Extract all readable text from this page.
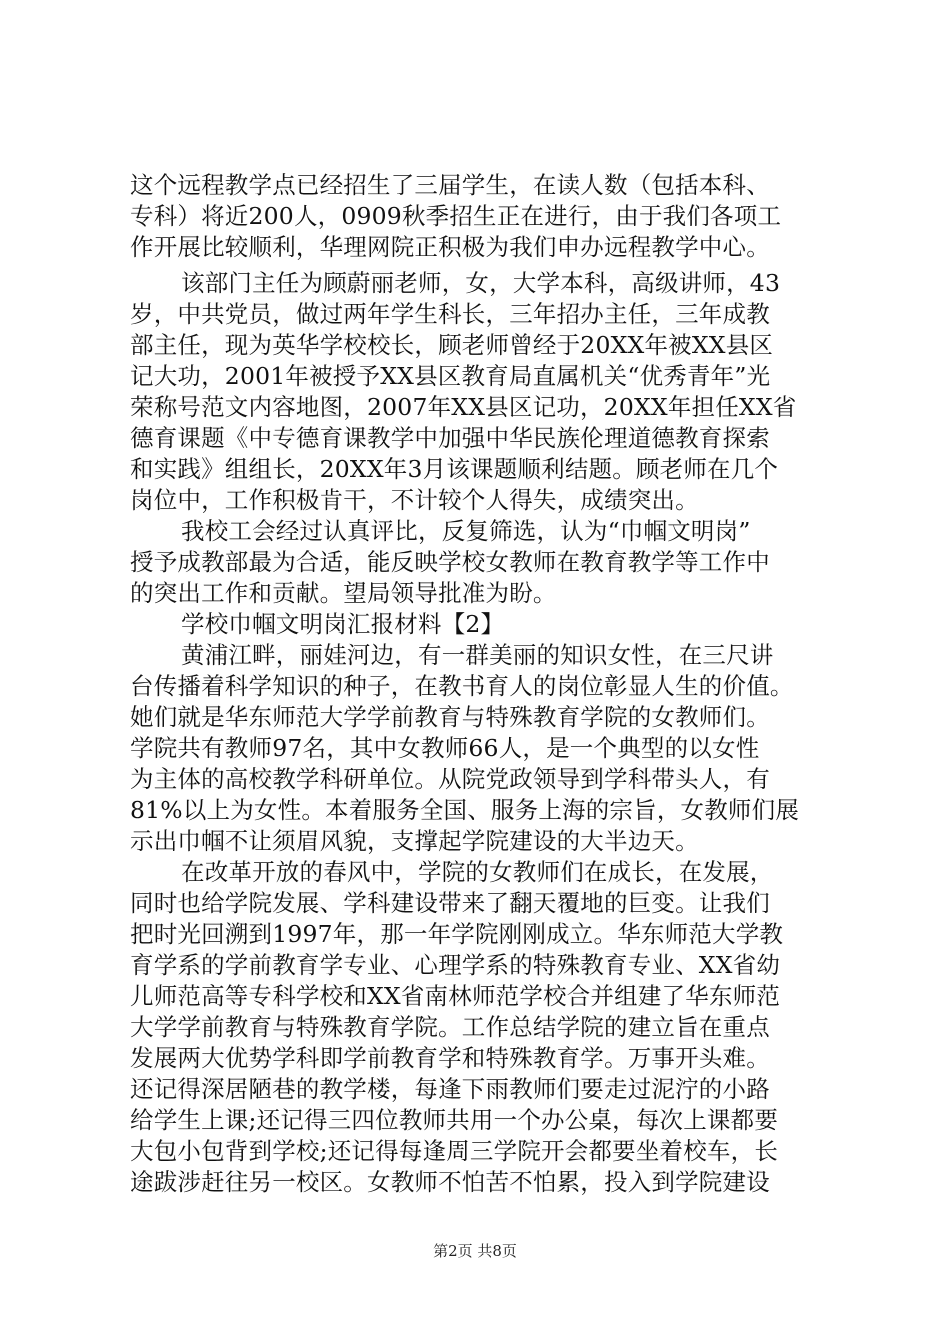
这个远程教学点已经招生了三届学生，在读人数（包括本科、
专科）将近200人，0909秋季招生正在进行，由于我们各项工
作开展比较顺利，华理网院正积极为我们申办远程教学中心。
该部门主任为顾蔚丽老师，女，大学本科，高级讲师，43
岁，中共党员，做过两年学生科长，三年招办主任，三年成教
部主任，现为英华学校校长，顾老师曾经于20XX年被XX县区
记大功，2001年被授予XX县区教育局直属机关“优秀青年”光
荣称号范文内容地图，2007年XX县区记功，20XX年担任XX省
德育课题《中专德育课教学中加强中华民族伦理道德教育探索
和实践》组组长，20XX年3月该课题顺利结题。顾老师在几个
岗位中，工作积极肯干，不计较个人得失，成绩突出。
我校工会经过认真评比，反复筛选，认为“巾帼文明岗”
授予成教部最为合适，能反映学校女教师在教育教学等工作中
的突出工作和贡献。望局领导批准为盼。
学校巾帼文明岗汇报材料【2】
黄浦江畔，丽娃河边，有一群美丽的知识女性，在三尺讲
台传播着科学知识的种子，在教书育人的岗位彰显人生的价值。
她们就是华东师范大学学前教育与特殊教育学院的女教师们。
学院共有教师97名，其中女教师66人，是一个典型的以女性
为主体的高校教学科研单位。从院党政领导到学科带头人，有
81%以上为女性。本着服务全国、服务上海的宗旨，女教师们展
示出巾帼不让须眉风貌，支撑起学院建设的大半边天。
在改革开放的春风中，学院的女教师们在成长，在发展，
同时也给学院发展、学科建设带来了翻天覆地的巨变。让我们
把时光回溯到1997年，那一年学院刚刚成立。华东师范大学教
育学系的学前教育学专业、心理学系的特殊教育专业、XX省幼
儿师范高等专科学校和XX省南林师范学校合并组建了华东师范
大学学前教育与特殊教育学院。工作总结学院的建立旨在重点
发展两大优势学科即学前教育学和特殊教育学。万事开头难。
还记得深居陋巷的教学楼，每逢下雨教师们要走过泥泞的小路
给学生上课;还记得三四位教师共用一个办公桌，每次上课都要
大包小包背到学校;还记得每逢周三学院开会都要坐着校车，长
途跋涉赶往另一校区。女教师不怕苦不怕累，投入到学院建设
第2页 共8页
